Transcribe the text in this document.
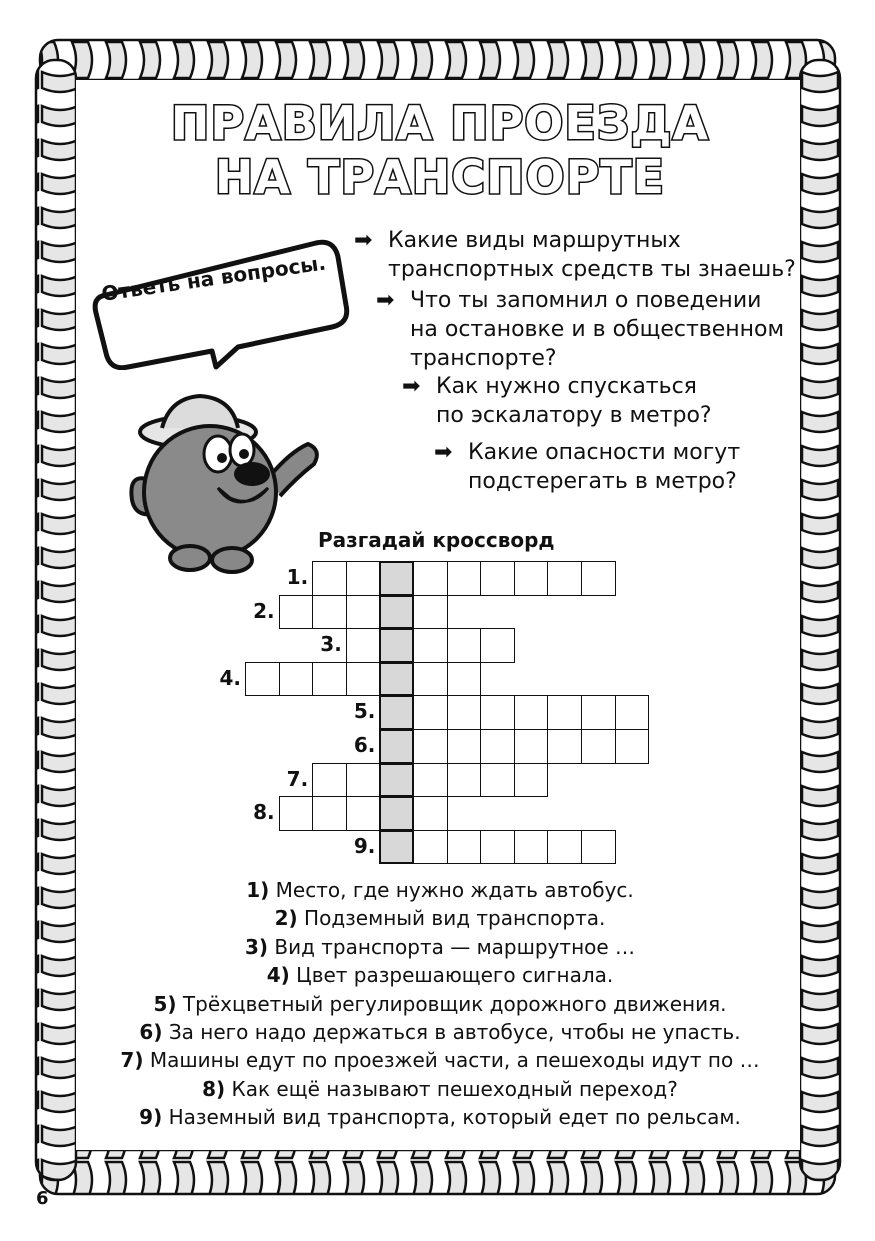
ПРАВИЛА ПРОЕЗДА
НА ТРАНСПОРТЕ
Ответь на вопросы.
➡ Какие виды маршрутных
транспортных средств ты знаешь?
➡ Что ты запомнил о поведении
на остановке и в общественном
транспорте?
➡ Как нужно спускаться
по эскалатору в метро?
➡ Какие опасности могут
подстерегать в метро?
Разгадай кроссворд
1.
2.
3.
4.
5.
6.
7.
8.
9.
1) Место, где нужно ждать автобус.
2) Подземный вид транспорта.
3) Вид транспорта — маршрутное …
4) Цвет разрешающего сигнала.
5) Трёхцветный регулировщик дорожного движения.
6) За него надо держаться в автобусе, чтобы не упасть.
7) Машины едут по проезжей части, а пешеходы идут по …
8) Как ещё называют пешеходный переход?
9) Наземный вид транспорта, который едет по рельсам.
6
